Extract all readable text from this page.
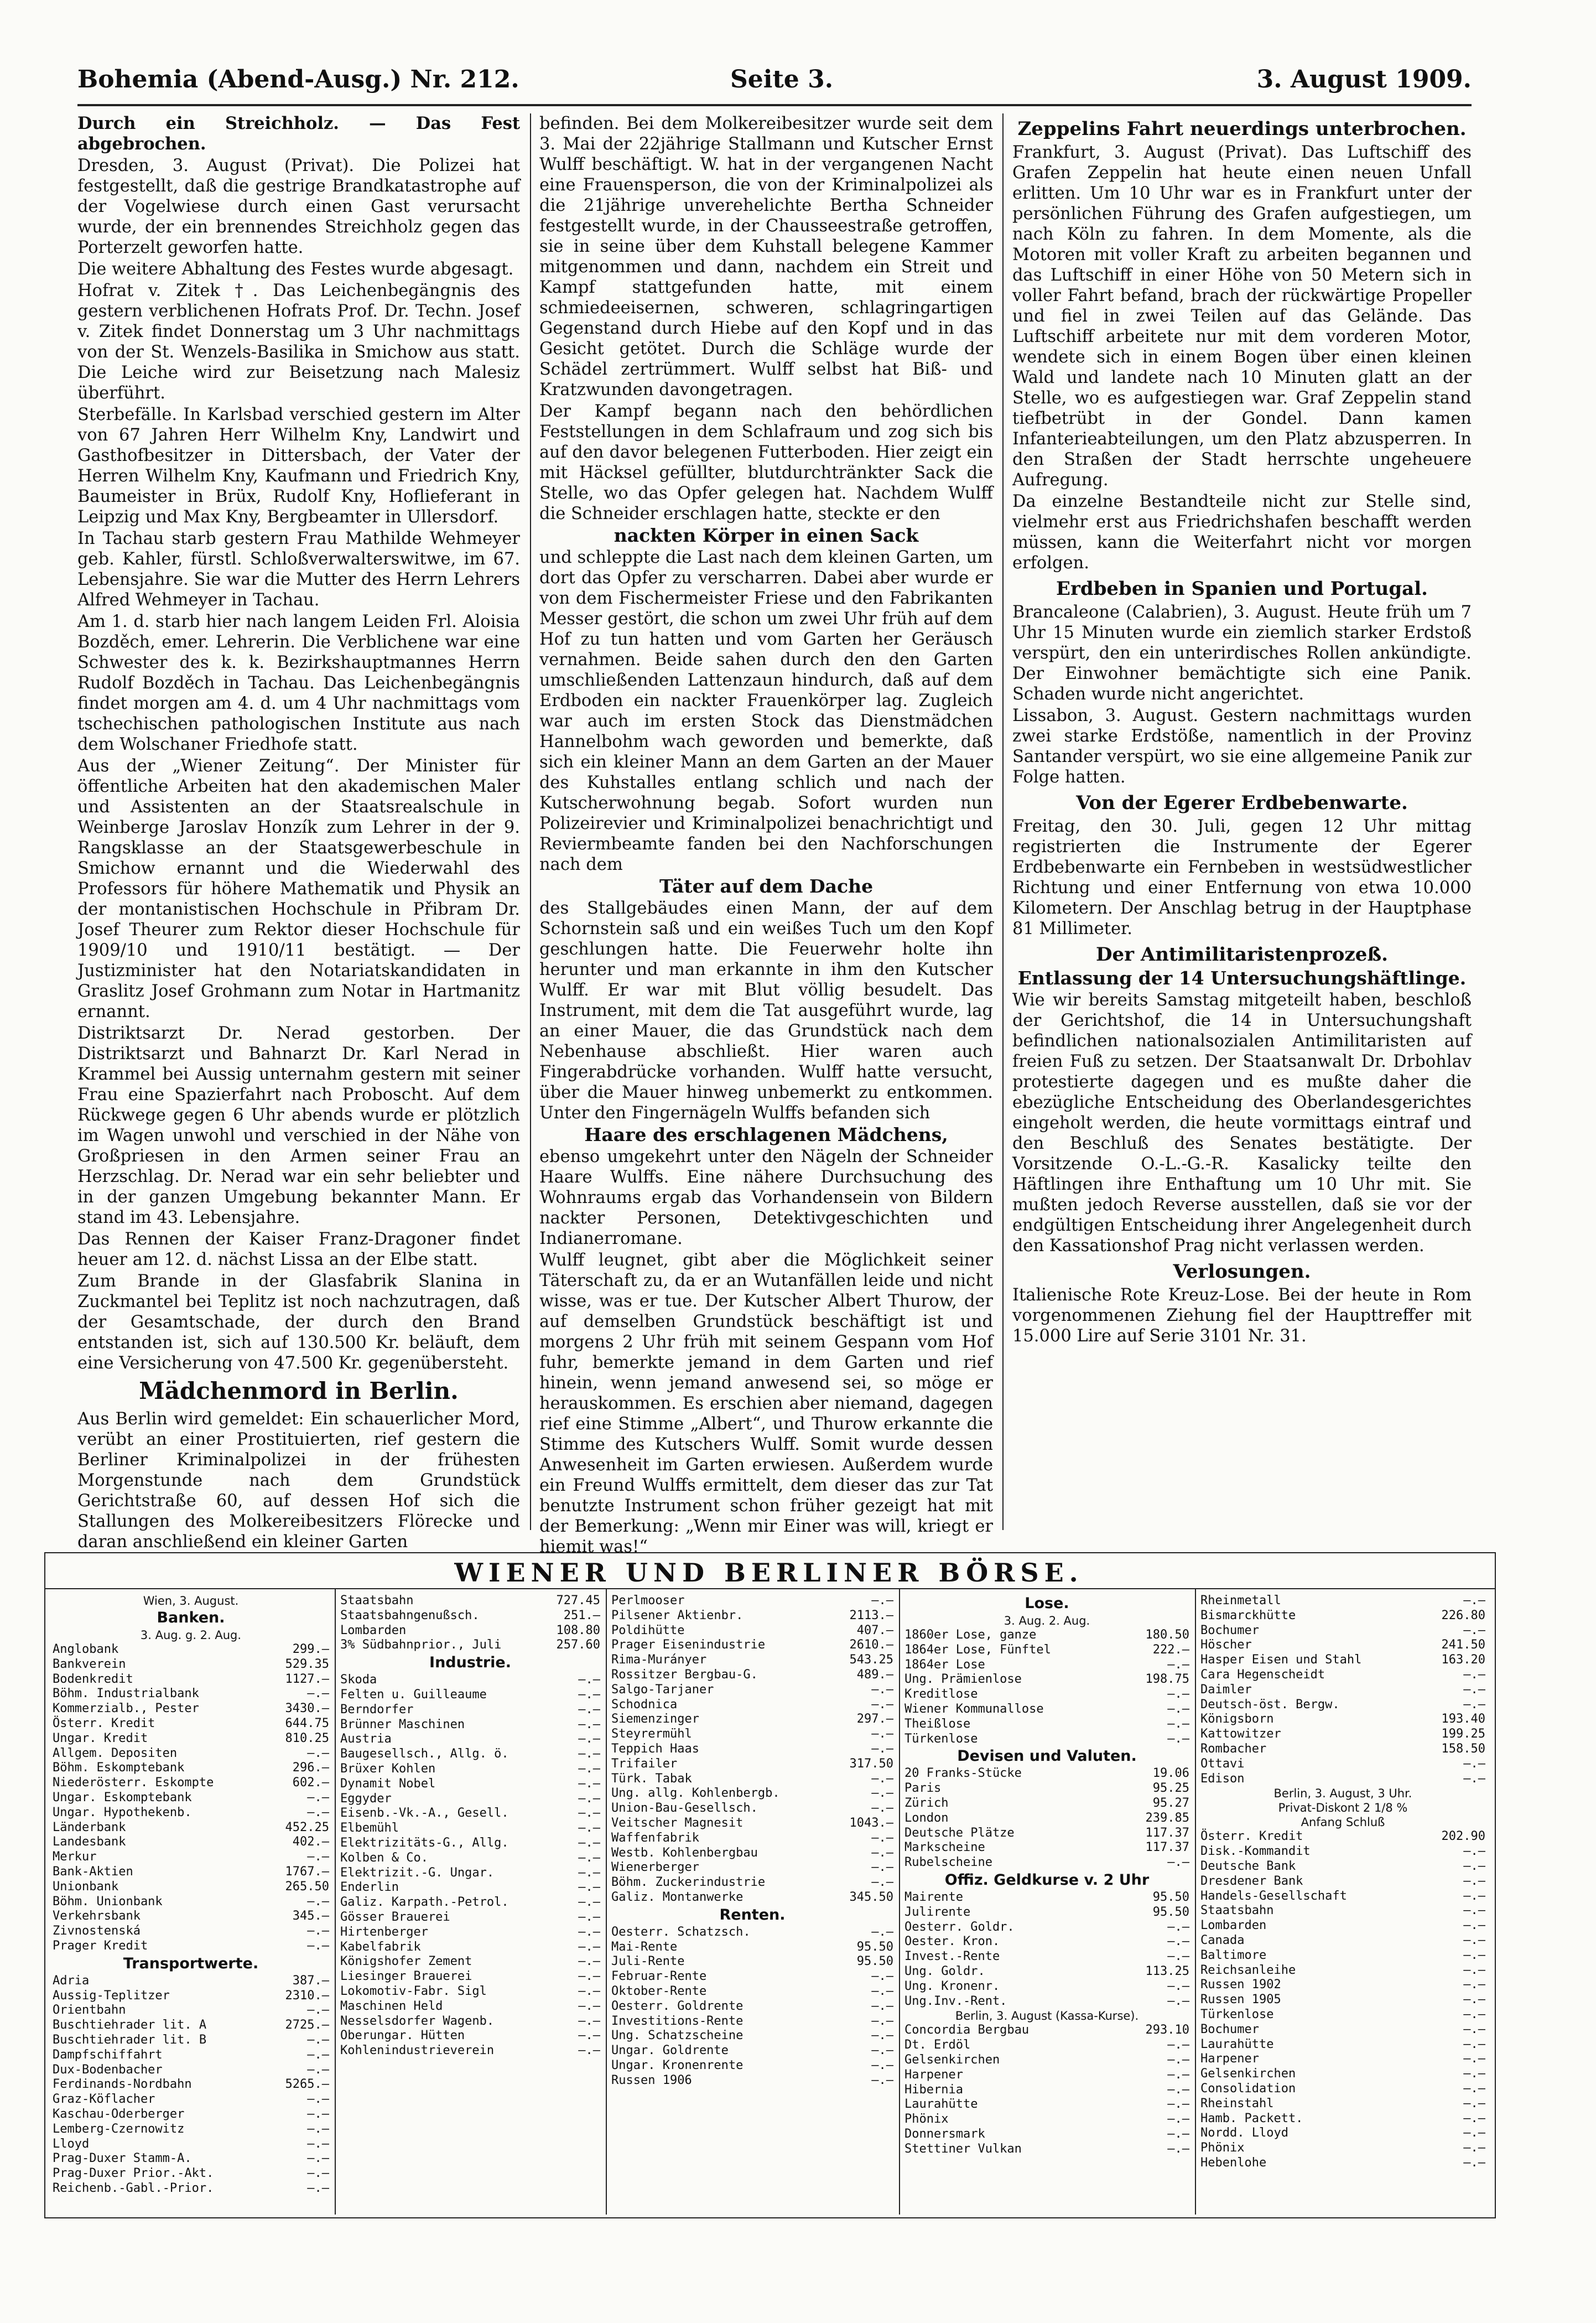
Bohemia (Abend-Ausg.) Nr. 212.	Seite 3.	3. August 1909.

Durch ein Streichholz. — Das Fest abgebrochen.

Dresden, 3. August (Privat). Die Polizei hat festgestellt, daß die gestrige Brandkatastrophe auf der Vogelwiese durch einen Gast verursacht wurde, der ein brennendes Streichholz gegen das Porterzelt geworfen hatte.

Die weitere Abhaltung des Festes wurde abgesagt.

Hofrat v. Zitek †. Das Leichenbegängnis des gestern verblichenen Hofrats Prof. Dr. Techn. Josef v. Zitek findet Donnerstag um 3 Uhr nachmittags von der St. Wenzels-Basilika in Smichow aus statt. Die Leiche wird zur Beisetzung nach Malesiz überführt.

Sterbefälle. In Karlsbad verschied gestern im Alter von 67 Jahren Herr Wilhelm Kny, Landwirt und Gasthofbesitzer in Dittersbach, der Vater der Herren Wilhelm Kny, Kaufmann und Friedrich Kny, Baumeister in Brüx, Rudolf Kny, Hoflieferant in Leipzig und Max Kny, Bergbeamter in Ullersdorf.

In Tachau starb gestern Frau Mathilde Wehmeyer geb. Kahler, fürstl. Schloßverwalterswitwe, im 67. Lebensjahre. Sie war die Mutter des Herrn Lehrers Alfred Wehmeyer in Tachau.

Am 1. d. starb hier nach langem Leiden Frl. Aloisia Bozděch, emer. Lehrerin. Die Verblichene war eine Schwester des k. k. Bezirkshauptmannes Herrn Rudolf Bozděch in Tachau. Das Leichenbegängnis findet morgen am 4. d. um 4 Uhr nachmittags vom tschechischen pathologischen Institute aus nach dem Wolschaner Friedhofe statt.

Aus der „Wiener Zeitung“. Der Minister für öffentliche Arbeiten hat den akademischen Maler und Assistenten an der Staatsrealschule in Weinberge Jaroslav Honzík zum Lehrer in der 9. Rangsklasse an der Staatsgewerbeschule in Smichow ernannt und die Wiederwahl des Professors für höhere Mathematik und Physik an der montanistischen Hochschule in Přibram Dr. Josef Theurer zum Rektor dieser Hochschule für 1909/10 und 1910/11 bestätigt. — Der Justizminister hat den Notariatskandidaten in Graslitz Josef Grohmann zum Notar in Hartmanitz ernannt.

Distriktsarzt Dr. Nerad gestorben. Der Distriktsarzt und Bahnarzt Dr. Karl Nerad in Krammel bei Aussig unternahm gestern mit seiner Frau eine Spazierfahrt nach Proboscht. Auf dem Rückwege gegen 6 Uhr abends wurde er plötzlich im Wagen unwohl und verschied in der Nähe von Großpriesen in den Armen seiner Frau an Herzschlag. Dr. Nerad war ein sehr beliebter und in der ganzen Umgebung bekannter Mann. Er stand im 43. Lebensjahre.

Das Rennen der Kaiser Franz-Dragoner findet heuer am 12. d. nächst Lissa an der Elbe statt.

Zum Brande in der Glasfabrik Slanina in Zuckmantel bei Teplitz ist noch nachzutragen, daß der Gesamtschade, der durch den Brand entstanden ist, sich auf 130.500 Kr. beläuft, dem eine Versicherung von 47.500 Kr. gegenübersteht.

Mädchenmord in Berlin.

Aus Berlin wird gemeldet: Ein schauerlicher Mord, verübt an einer Prostituierten, rief gestern die Berliner Kriminalpolizei in der frühesten Morgenstunde nach dem Grundstück Gerichtstraße 60, auf dessen Hof sich die Stallungen des Molkereibesitzers Flörecke und daran anschließend ein kleiner Garten

befinden. Bei dem Molkereibesitzer wurde seit dem 3. Mai der 22jährige Stallmann und Kutscher Ernst Wulff beschäftigt. W. hat in der vergangenen Nacht eine Frauensperson, die von der Kriminalpolizei als die 21jährige unverehelichte Bertha Schneider festgestellt wurde, in der Chausseestraße getroffen, sie in seine über dem Kuhstall belegene Kammer mitgenommen und dann, nachdem ein Streit und Kampf stattgefunden hatte, mit einem schmiedeeisernen, schweren, schlagringartigen Gegenstand durch Hiebe auf den Kopf und in das Gesicht getötet. Durch die Schläge wurde der Schädel zertrümmert. Wulff selbst hat Biß- und Kratzwunden davongetragen.

Der Kampf begann nach den behördlichen Feststellungen in dem Schlafraum und zog sich bis auf den davor belegenen Futterboden. Hier zeigt ein mit Häcksel gefüllter, blutdurchtränkter Sack die Stelle, wo das Opfer gelegen hat. Nachdem Wulff die Schneider erschlagen hatte, steckte er den

nackten Körper in einen Sack

und schleppte die Last nach dem kleinen Garten, um dort das Opfer zu verscharren. Dabei aber wurde er von dem Fischermeister Friese und den Fabrikanten Messer gestört, die schon um zwei Uhr früh auf dem Hof zu tun hatten und vom Garten her Geräusch vernahmen. Beide sahen durch den den Garten umschließenden Lattenzaun hindurch, daß auf dem Erdboden ein nackter Frauenkörper lag. Zugleich war auch im ersten Stock das Dienstmädchen Hannelbohm wach geworden und bemerkte, daß sich ein kleiner Mann an dem Garten an der Mauer des Kuhstalles entlang schlich und nach der Kutscherwohnung begab. Sofort wurden nun Polizeirevier und Kriminalpolizei benachrichtigt und Reviermbeamte fanden bei den Nachforschungen nach dem

Täter auf dem Dache

des Stallgebäudes einen Mann, der auf dem Schornstein saß und ein weißes Tuch um den Kopf geschlungen hatte. Die Feuerwehr holte ihn herunter und man erkannte in ihm den Kutscher Wulff. Er war mit Blut völlig besudelt. Das Instrument, mit dem die Tat ausgeführt wurde, lag an einer Mauer, die das Grundstück nach dem Nebenhause abschließt. Hier waren auch Fingerabdrücke vorhanden. Wulff hatte versucht, über die Mauer hinweg unbemerkt zu entkommen. Unter den Fingernägeln Wulffs befanden sich

Haare des erschlagenen Mädchens,

ebenso umgekehrt unter den Nägeln der Schneider Haare Wulffs. Eine nähere Durchsuchung des Wohnraums ergab das Vorhandensein von Bildern nackter Personen, Detektivgeschichten und Indianerromane.

Wulff leugnet, gibt aber die Möglichkeit seiner Täterschaft zu, da er an Wutanfällen leide und nicht wisse, was er tue. Der Kutscher Albert Thurow, der auf demselben Grundstück beschäftigt ist und morgens 2 Uhr früh mit seinem Gespann vom Hof fuhr, bemerkte jemand in dem Garten und rief hinein, wenn jemand anwesend sei, so möge er herauskommen. Es erschien aber niemand, dagegen rief eine Stimme „Albert“, und Thurow erkannte die Stimme des Kutschers Wulff. Somit wurde dessen Anwesenheit im Garten erwiesen. Außerdem wurde ein Freund Wulffs ermittelt, dem dieser das zur Tat benutzte Instrument schon früher gezeigt hat mit der Bemerkung: „Wenn mir Einer was will, kriegt er hiemit was!“

Zeppelins Fahrt neuerdings unterbrochen.

Frankfurt, 3. August (Privat). Das Luftschiff des Grafen Zeppelin hat heute einen neuen Unfall erlitten. Um 10 Uhr war es in Frankfurt unter der persönlichen Führung des Grafen aufgestiegen, um nach Köln zu fahren. In dem Momente, als die Motoren mit voller Kraft zu arbeiten begannen und das Luftschiff in einer Höhe von 50 Metern sich in voller Fahrt befand, brach der rückwärtige Propeller und fiel in zwei Teilen auf das Gelände. Das Luftschiff arbeitete nur mit dem vorderen Motor, wendete sich in einem Bogen über einen kleinen Wald und landete nach 10 Minuten glatt an der Stelle, wo es aufgestiegen war. Graf Zeppelin stand tiefbetrübt in der Gondel. Dann kamen Infanterieabteilungen, um den Platz abzusperren. In den Straßen der Stadt herrschte ungeheuere Aufregung.

Da einzelne Bestandteile nicht zur Stelle sind, vielmehr erst aus Friedrichshafen beschafft werden müssen, kann die Weiterfahrt nicht vor morgen erfolgen.

Erdbeben in Spanien und Portugal.

Brancaleone (Calabrien), 3. August. Heute früh um 7 Uhr 15 Minuten wurde ein ziemlich starker Erdstoß verspürt, den ein unterirdisches Rollen ankündigte. Der Einwohner bemächtigte sich eine Panik. Schaden wurde nicht angerichtet.

Lissabon, 3. August. Gestern nachmittags wurden zwei starke Erdstöße, namentlich in der Provinz Santander verspürt, wo sie eine allgemeine Panik zur Folge hatten.

Von der Egerer Erdbebenwarte.

Freitag, den 30. Juli, gegen 12 Uhr mittag registrierten die Instrumente der Egerer Erdbebenwarte ein Fernbeben in westsüdwestlicher Richtung und einer Entfernung von etwa 10.000 Kilometern. Der Anschlag betrug in der Hauptphase 81 Millimeter.

Der Antimilitaristenprozeß.
Entlassung der 14 Untersuchungshäftlinge.

Wie wir bereits Samstag mitgeteilt haben, beschloß der Gerichtshof, die 14 in Untersuchungshaft befindlichen nationalsozialen Antimilitaristen auf freien Fuß zu setzen. Der Staatsanwalt Dr. Drbohlav protestierte dagegen und es mußte daher die ebezügliche Entscheidung des Oberlandesgerichtes eingeholt werden, die heute vormittags eintraf und den Beschluß des Senates bestätigte. Der Vorsitzende O.-L.-G.-R. Kasalicky teilte den Häftlingen ihre Enthaftung um 10 Uhr mit. Sie mußten jedoch Reverse ausstellen, daß sie vor der endgültigen Entscheidung ihrer Angelegenheit durch den Kassationshof Prag nicht verlassen werden.

Verlosungen.

Italienische Rote Kreuz-Lose. Bei der heute in Rom vorgenommenen Ziehung fiel der Haupttreffer mit 15.000 Lire auf Serie 3101 Nr. 31.

WIENER UND BERLINER BÖRSE.
Wien, 3. August.
Banken.
3. Aug. g. 2. Aug.
Anglobank	299.—
Bankverein	529.35
Bodenkredit	1127.—
Böhm. Industrialbank	—.—
Kommerzialb., Pester	3430.—
Österr. Kredit	644.75
Ungar. Kredit	810.25
Allgem. Depositen	—.—
Böhm. Eskomptebank	296.—
Niederösterr. Eskompte	602.—
Ungar. Eskomptebank	—.—
Ungar. Hypothekenb.	—.—
Länderbank	452.25
Landesbank	402.—
Merkur	—.—
Bank-Aktien	1767.—
Unionbank	265.50
Böhm. Unionbank	—.—
Verkehrsbank	345.—
Zivnostenská	—.—
Prager Kredit	—.—
Transportwerte.
Adria	387.—
Aussig-Teplitzer	2310.—
Orientbahn	—.—
Buschtiehrader lit. A	2725.—
Buschtiehrader lit. B	—.—
Dampfschiffahrt	—.—
Dux-Bodenbacher	—.—
Ferdinands-Nordbahn	5265.—
Graz-Köflacher	—.—
Kaschau-Oderberger	—.—
Lemberg-Czernowitz	—.—
Lloyd	—.—
Prag-Duxer Stamm-A.	—.—
Prag-Duxer Prior.-Akt.	—.—
Reichenb.-Gabl.-Prior.	—.—
Staatsbahn	727.45
Staatsbahngenußsch.	251.—
Lombarden	108.80
3% Südbahnprior., Juli	257.60
Industrie.
Skoda	—.—
Felten u. Guilleaume	—.—
Berndorfer	—.—
Brünner Maschinen	—.—
Austria	—.—
Baugesellsch., Allg. ö.	—.—
Brüxer Kohlen	—.—
Dynamit Nobel	—.—
Eggyder	—.—
Eisenb.-Vk.-A., Gesell.	—.—
Elbemühl	—.—
Elektrizitäts-G., Allg.	—.—
Kolben & Co.	—.—
Elektrizit.-G. Ungar.	—.—
Enderlin	—.—
Galiz. Karpath.-Petrol.	—.—
Gösser Brauerei	—.—
Hirtenberger	—.—
Kabelfabrik	—.—
Königshofer Zement	—.—
Liesinger Brauerei	—.—
Lokomotiv-Fabr. Sigl	—.—
Maschinen Held	—.—
Nesselsdorfer Wagenb.	—.—
Oberungar. Hütten	—.—
Kohlenindustrieverein	—.—
Perlmooser	—.—
Pilsener Aktienbr.	2113.—
Poldihütte	407.—
Prager Eisenindustrie	2610.—
Rima-Murányer	543.25
Rossitzer Bergbau-G.	489.—
Salgo-Tarjaner	—.—
Schodnica	—.—
Siemenzinger	297.—
Steyrermühl	—.—
Teppich Haas	—.—
Trifailer	317.50
Türk. Tabak	—.—
Ung. allg. Kohlenbergb.	—.—
Union-Bau-Gesellsch.	—.—
Veitscher Magnesit	1043.—
Waffenfabrik	—.—
Westb. Kohlenbergbau	—.—
Wienerberger	—.—
Böhm. Zuckerindustrie	—.—
Galiz. Montanwerke	345.50
Renten.
Oesterr. Schatzsch.	—.—
Mai-Rente	95.50
Juli-Rente	95.50
Februar-Rente	—.—
Oktober-Rente	—.—
Oesterr. Goldrente	—.—
Investitions-Rente	—.—
Ung. Schatzscheine	—.—
Ungar. Goldrente	—.—
Ungar. Kronenrente	—.—
Russen 1906	—.—
Lose.
3. Aug. 2. Aug.
1860er Lose, ganze	180.50
1864er Lose, Fünftel	222.—
1864er Lose	—.—
Ung. Prämienlose	198.75
Kreditlose	—.—
Wiener Kommunallose	—.—
Theißlose	—.—
Türkenlose	—.—
Devisen und Valuten.
20 Franks-Stücke	19.06
Paris	95.25
Zürich	95.27
London	239.85
Deutsche Plätze	117.37
Markscheine	117.37
Rubelscheine	—.—
Offiz. Geldkurse v. 2 Uhr
Mairente	95.50
Julirente	95.50
Oesterr. Goldr.	—.—
Oester. Kron.	—.—
Invest.-Rente	—.—
Ung. Goldr.	113.25
Ung. Kronenr.	—.—
Ung.Inv.-Rent.	—.—
Berlin, 3. August (Kassa-Kurse).
Concordia Bergbau	293.10
Dt. Erdöl	—.—
Gelsenkirchen	—.—
Harpener	—.—
Hibernia	—.—
Laurahütte	—.—
Phönix	—.—
Donnersmark	—.—
Stettiner Vulkan	—.—
Rheinmetall	—.—
Bismarckhütte	226.80
Bochumer	—.—
Höscher	241.50
Hasper Eisen und Stahl	163.20
Cara Hegenscheidt	—.—
Daimler	—.—
Deutsch-öst. Bergw.	—.—
Königsborn	193.40
Kattowitzer	199.25
Rombacher	158.50
Ottavi	—.—
Edison	—.—
Berlin, 3. August, 3 Uhr.
Privat-Diskont 2 1/8 %
Anfang Schluß
Österr. Kredit	202.90
Disk.-Kommandit	—.—
Deutsche Bank	—.—
Dresdener Bank	—.—
Handels-Gesellschaft	—.—
Staatsbahn	—.—
Lombarden	—.—
Canada	—.—
Baltimore	—.—
Reichsanleihe	—.—
Russen 1902	—.—
Russen 1905	—.—
Türkenlose	—.—
Bochumer	—.—
Laurahütte	—.—
Harpener	—.—
Gelsenkirchen	—.—
Consolidation	—.—
Rheinstahl	—.—
Hamb. Packett.	—.—
Nordd. Lloyd	—.—
Phönix	—.—
Hebenlohe	—.—
